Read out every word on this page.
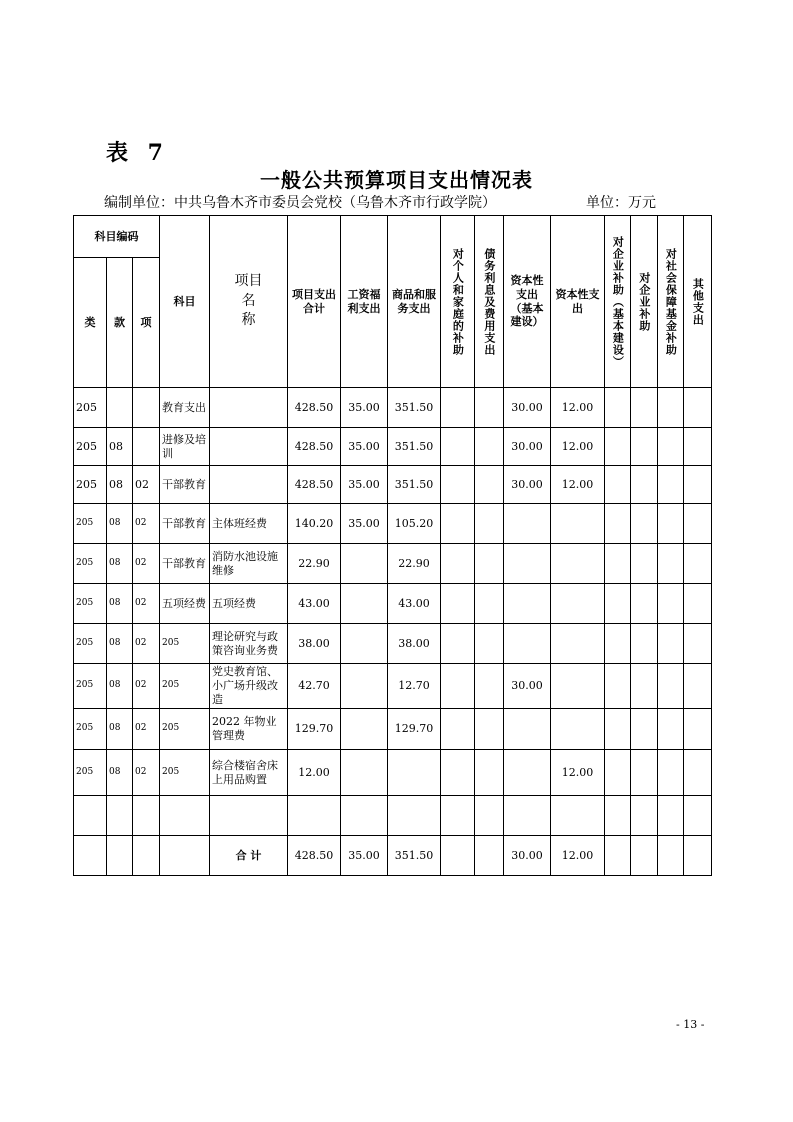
表 7
一般公共预算项目支出情况表
编制单位：中共乌鲁木齐市委员会党校（乌鲁木齐市行政学院）	单位：万元
科目编码			科目	项目
名
称	项目支出合计	工资福利支出	商品和服务支出	对个人和家庭的补助	债务利息及费用支出	资本性支出（基本建设）	资本性支出	对企业补助（基本建设）	对企业补助	对社会保障基金补助	其他支出

类	款	项													
205			教育支出		428.50	35.00	351.50			30.00	12.00				
205	08		进修及培训		428.50	35.00	351.50			30.00	12.00				
205	08	02	干部教育		428.50	35.00	351.50			30.00	12.00				
205	08	02	干部教育	主体班经费	140.20	35.00	105.20								
205	08	02	干部教育	消防水池设施维修	22.90		22.90								
205	08	02	五项经费	五项经费	43.00		43.00								
205	08	02	205	理论研究与政策咨询业务费	38.00		38.00								
205	08	02	205	党史教育馆、小广场升级改造	42.70		12.70			30.00					
205	08	02	205	2022 年物业管理费	129.70		129.70								
205	08	02	205	综合楼宿舍床上用品购置	12.00						12.00				

				合 计	428.50	35.00	351.50			30.00	12.00				
- 13 -
